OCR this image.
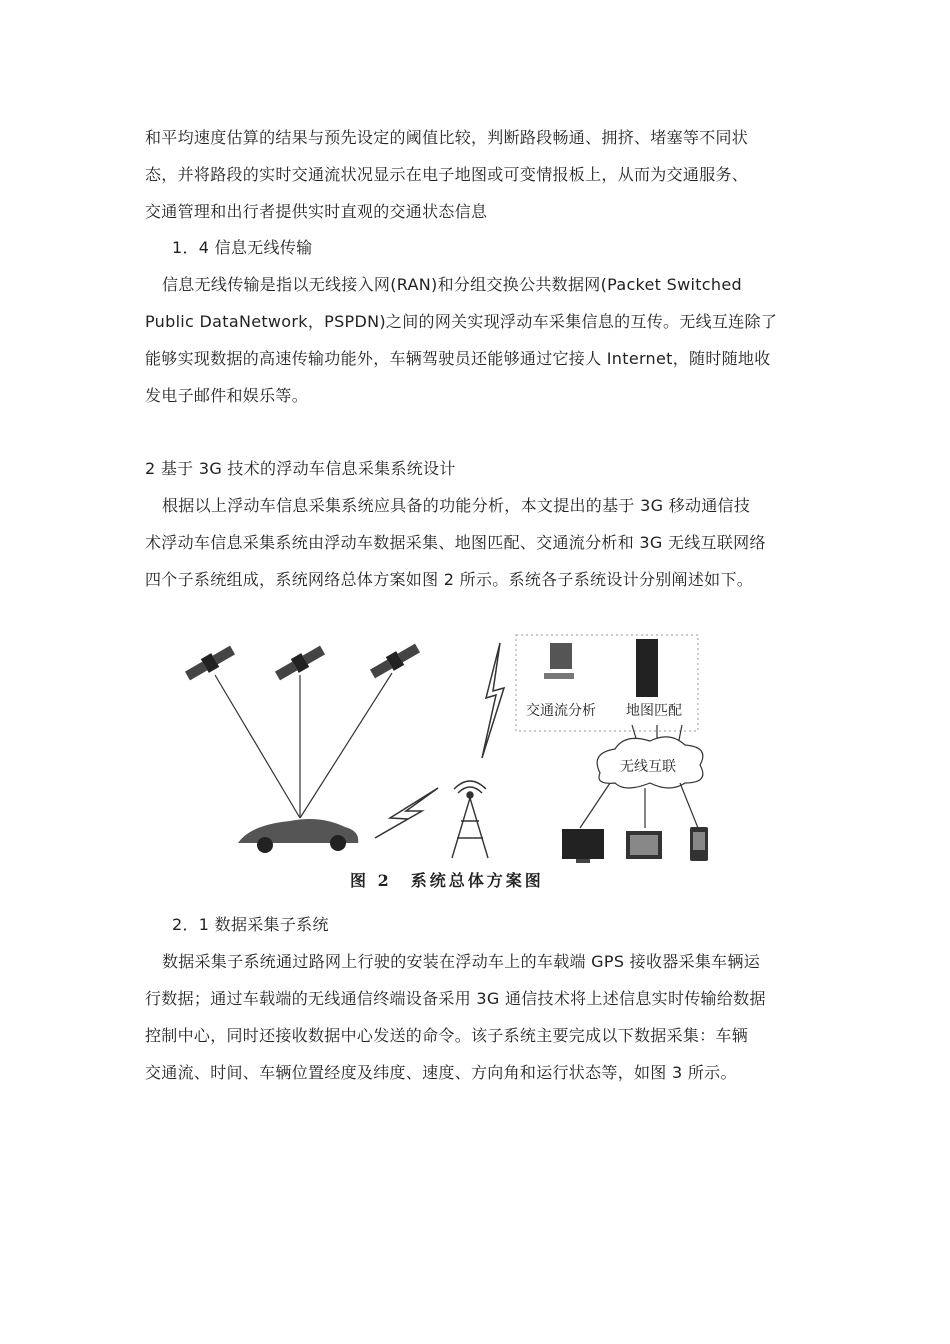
和平均速度估算的结果与预先设定的阈值比较，判断路段畅通、拥挤、堵塞等不同状
态，并将路段的实时交通流状况显示在电子地图或可变情报板上，从而为交通服务、
交通管理和出行者提供实时直观的交通状态信息
1．4 信息无线传输
信息无线传输是指以无线接入网(RAN)和分组交换公共数据网(Packet Switched
Public DataNetwork，PSPDN)之间的网关实现浮动车采集信息的互传。无线互连除了
能够实现数据的高速传输功能外，车辆驾驶员还能够通过它接人 Internet，随时随地收
发电子邮件和娱乐等。
2 基于 3G 技术的浮动车信息采集系统设计
根据以上浮动车信息采集系统应具备的功能分析，本文提出的基于 3G 移动通信技
术浮动车信息采集系统由浮动车数据采集、地图匹配、交通流分析和 3G 无线互联网络
四个子系统组成，系统网络总体方案如图 2 所示。系统各子系统设计分别阐述如下。
交通流分析 地图匹配
无线互联
图 2　系统总体方案图
2．1 数据采集子系统
数据采集子系统通过路网上行驶的安装在浮动车上的车载端 GPS 接收器采集车辆运
行数据；通过车载端的无线通信终端设备采用 3G 通信技术将上述信息实时传输给数据
控制中心，同时还接收数据中心发送的命令。该子系统主要完成以下数据采集：车辆
交通流、时间、车辆位置经度及纬度、速度、方向角和运行状态等，如图 3 所示。
